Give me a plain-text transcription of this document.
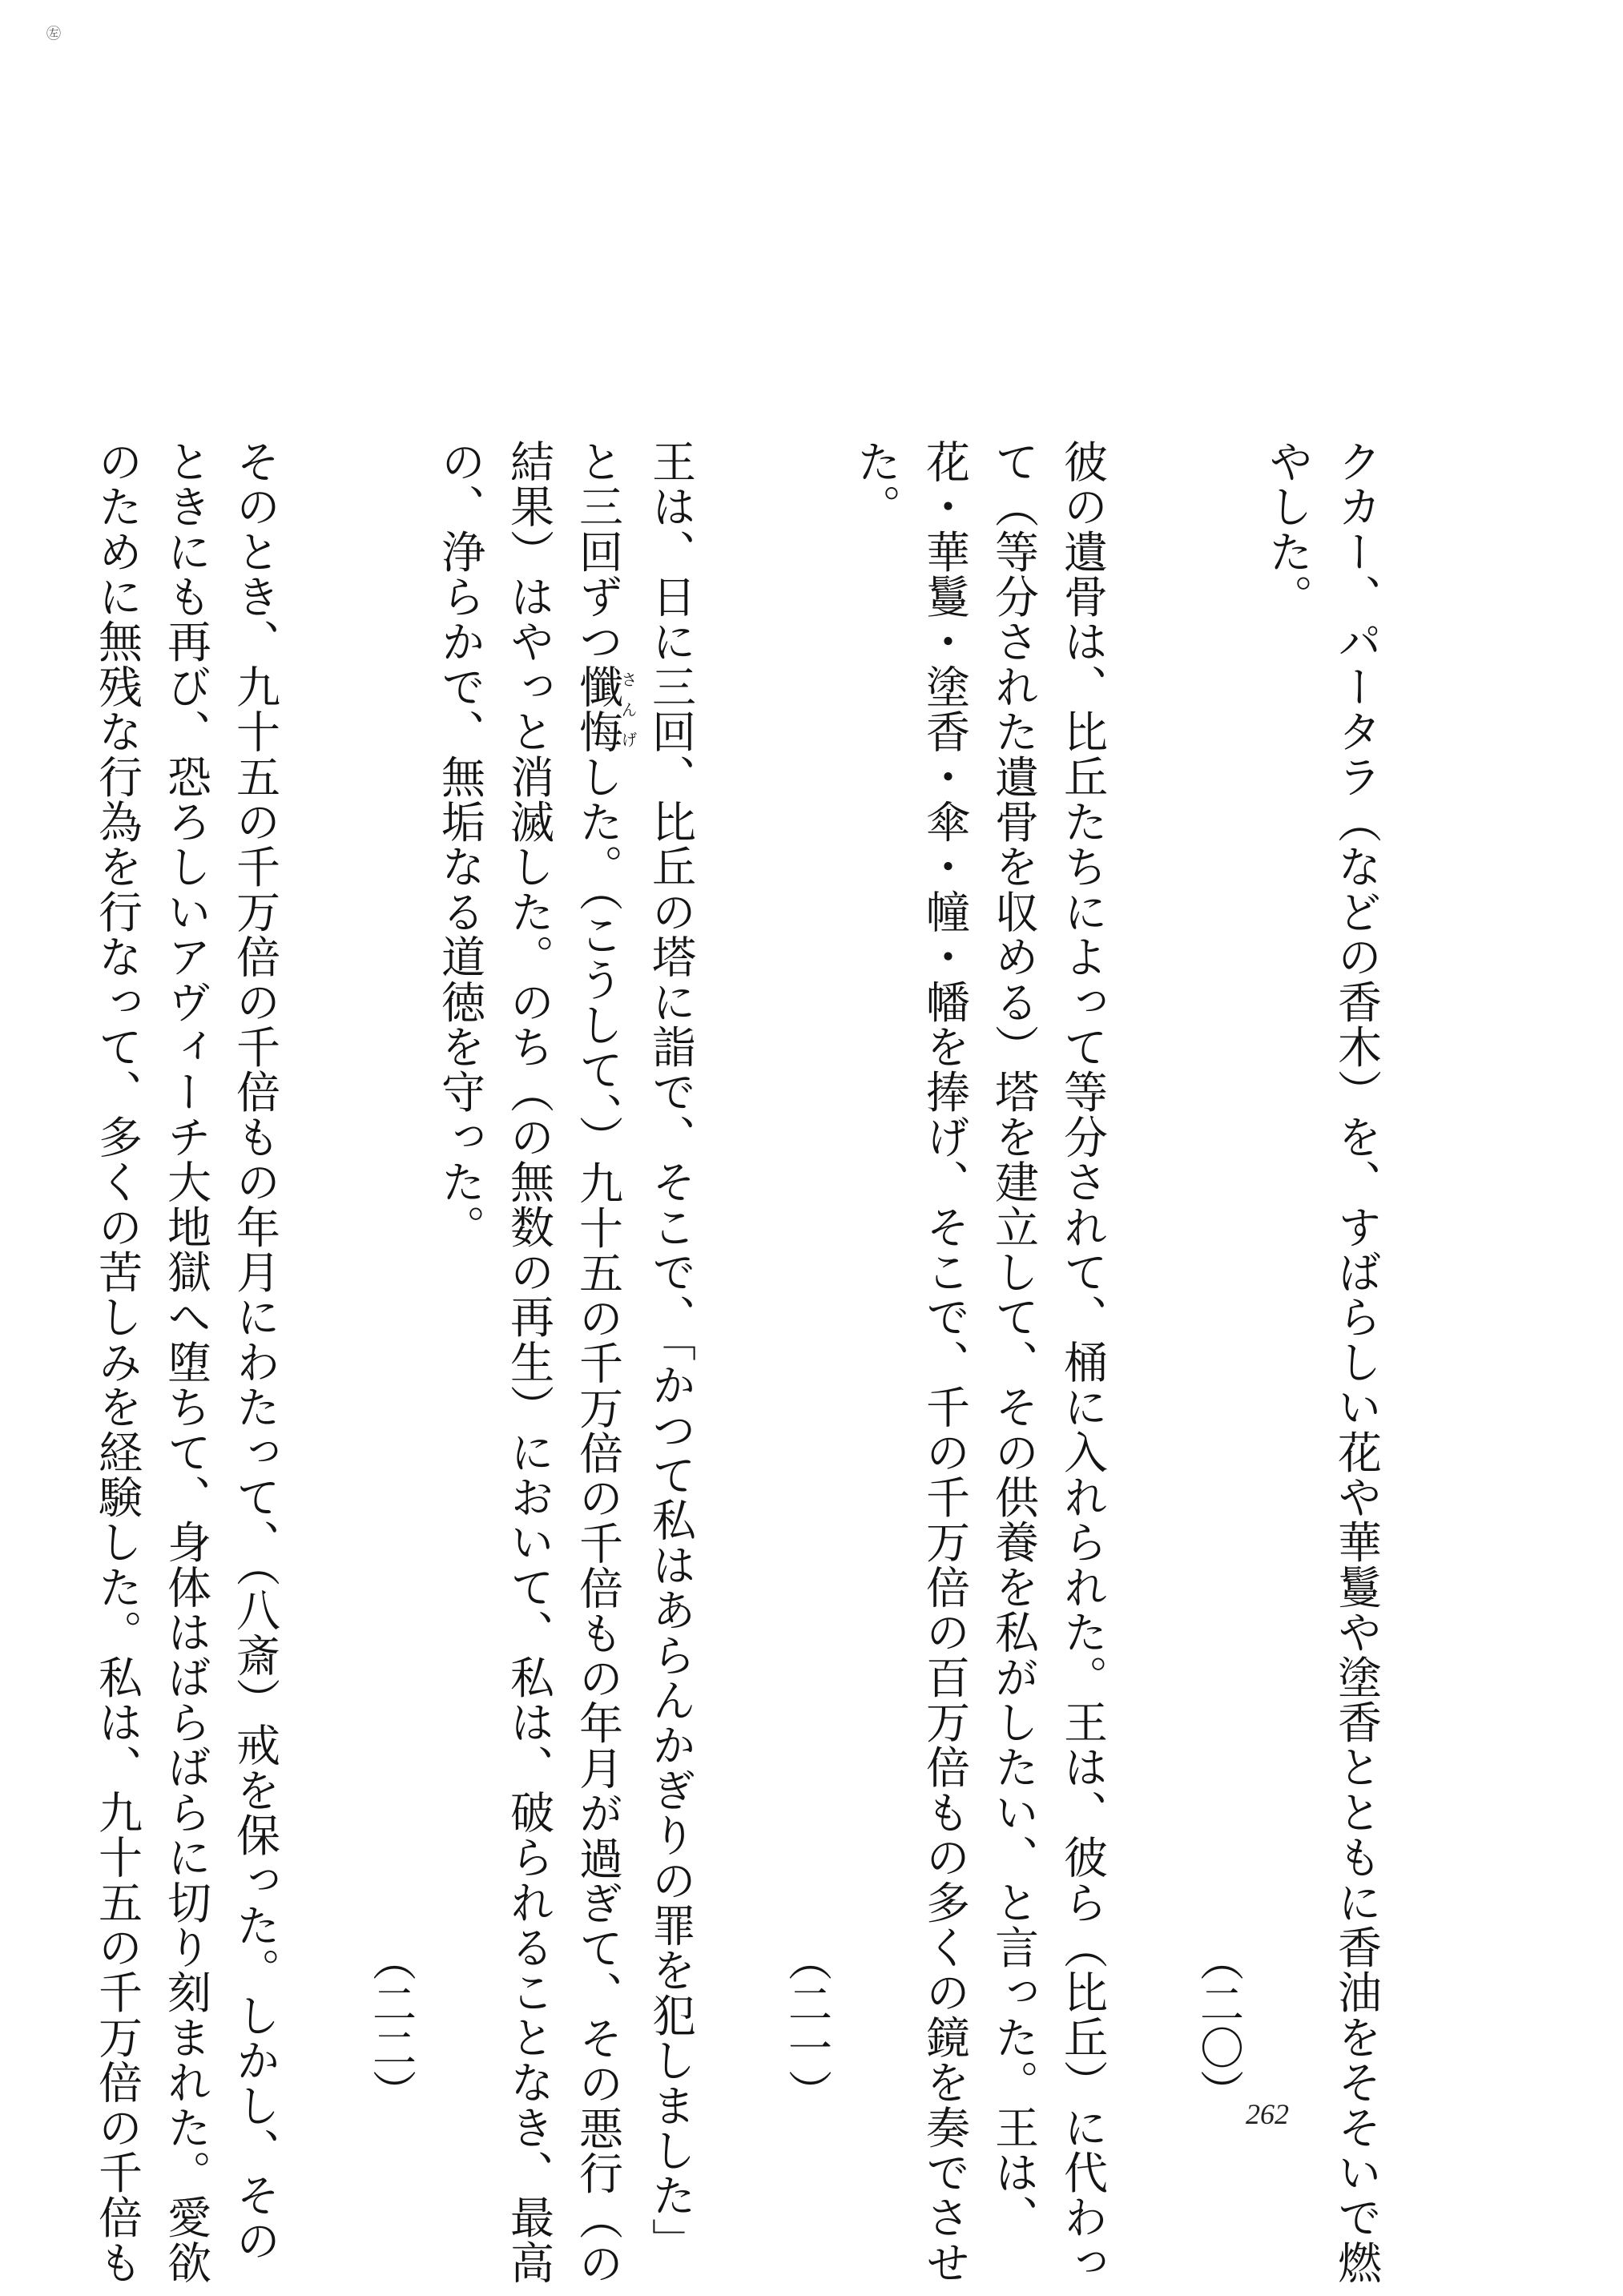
㊧
クカー、パータラ（などの香木）を、すばらしい花や華鬘や塗香とともに香油をそそいで燃
やした。
（二〇）
彼の遺骨は、比丘たちによって等分されて、桶に入れられた。王は、彼ら（比丘）に代わっ
て（等分された遺骨を収める）塔を建立して、その供養を私がしたい、と言った。王は、
花・華鬘・塗香・傘・幢・幡を捧げ、そこで、千の千万倍の百万倍もの多くの鏡を奏でさせ
た。
（二一）
王は、日に三回、比丘の塔に詣で、そこで、「かつて私はあらんかぎりの罪を犯しました」
と三回ずつ懺悔さんげした。（こうして、）九十五の千万倍の千倍もの年月が過ぎて、その悪行（の
結果）はやっと消滅した。のち（の無数の再生）において、私は、破られることなき、最高
の、浄らかで、無垢なる道徳を守った。
（二二）
そのとき、九十五の千万倍の千倍もの年月にわたって、（八斎）戒を保った。しかし、その
ときにも再び、恐ろしいアヴィーチ大地獄へ堕ちて、身体はばらばらに切り刻まれた。愛欲
のために無残な行為を行なって、多くの苦しみを経験した。私は、九十五の千万倍の千倍も	262
